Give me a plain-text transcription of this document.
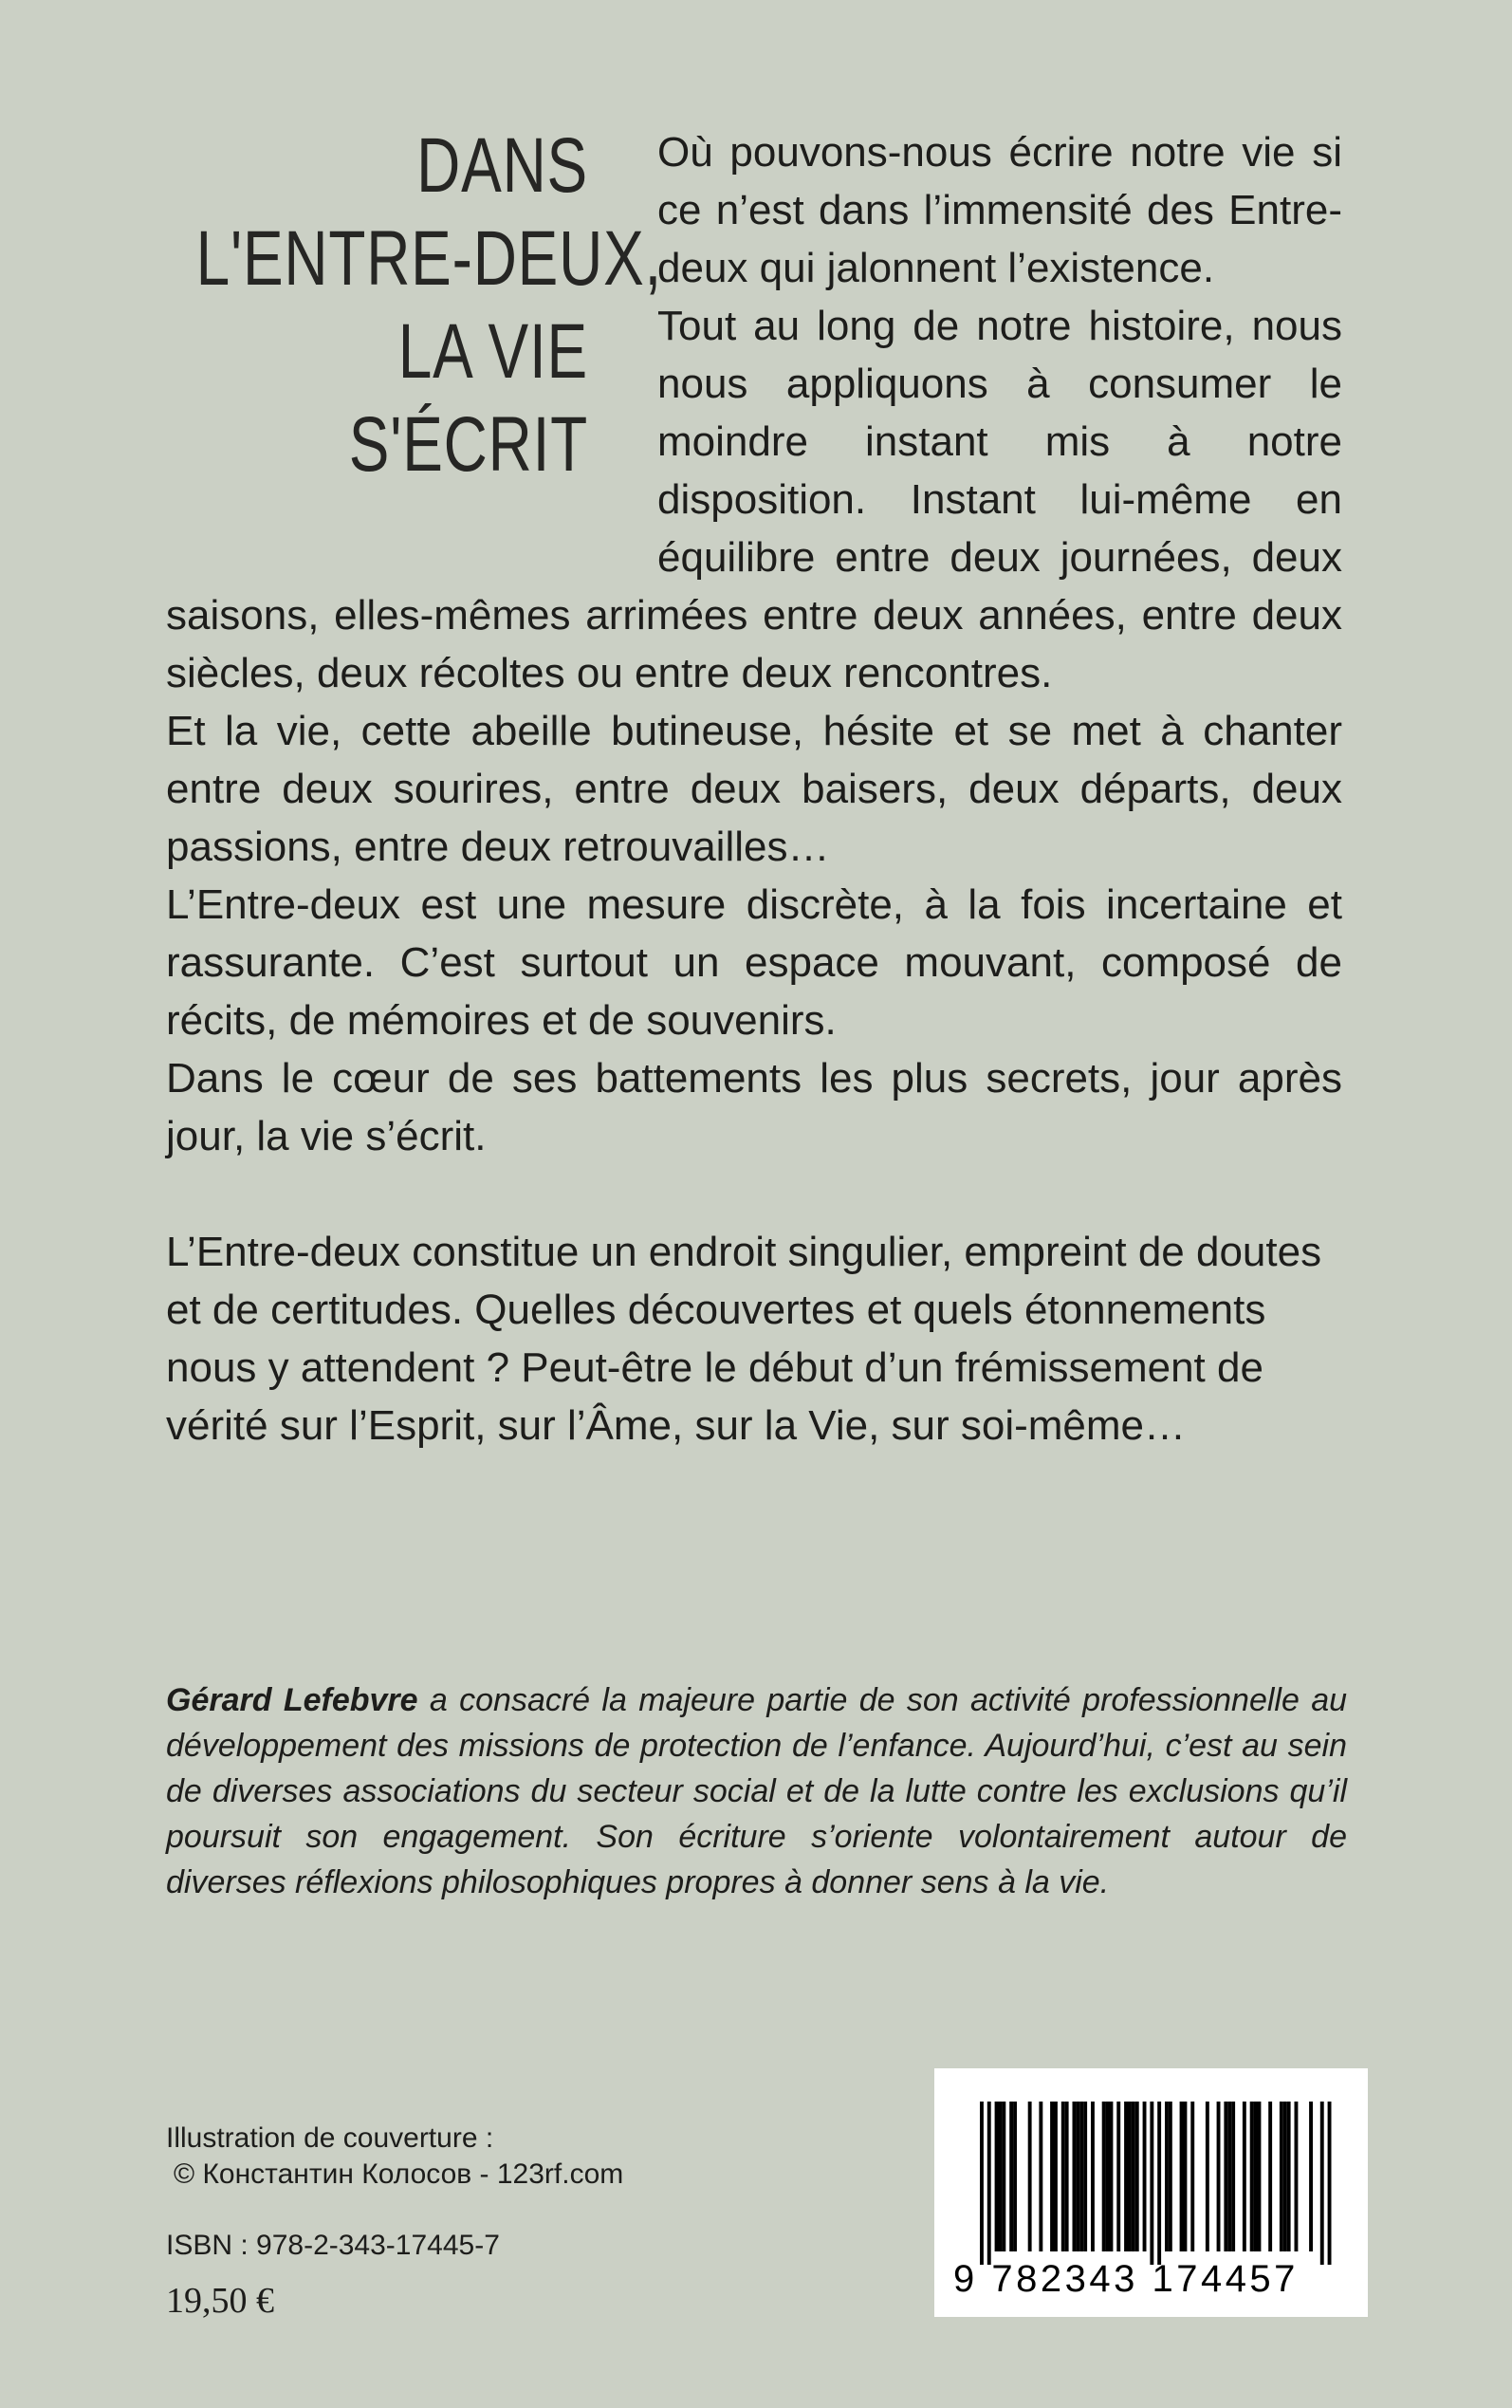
DANS
L'ENTRE-DEUX,
LA VIE
S'ÉCRIT

Où pouvons-nous écrire notre vie si ce n’est dans l’immensité des Entre-deux qui jalonnent l’existence.

Tout au long de notre histoire, nous nous appliquons à consumer le moindre instant mis à notre disposition. Instant lui-même en équilibre entre deux journées, deux saisons, elles-mêmes arrimées entre deux années, entre deux siècles, deux récoltes ou entre deux rencontres.

Et la vie, cette abeille butineuse, hésite et se met à chanter entre deux sourires, entre deux baisers, deux départs, deux passions, entre deux retrouvailles…

L’Entre-deux est une mesure discrète, à la fois incertaine et rassurante. C’est surtout un espace mouvant, composé de récits, de mémoires et de souvenirs.

Dans le cœur de ses battements les plus secrets, jour après jour, la vie s’écrit.

L’Entre-deux constitue un endroit singulier, empreint de doutes et de certitudes. Quelles découvertes et quels étonnements nous y attendent ? Peut-être le début d’un frémissement de vérité sur l’Esprit, sur l’Âme, sur la Vie, sur soi-même…

Gérard Lefebvre a consacré la majeure partie de son activité professionnelle au développement des missions de protection de l’enfance. Aujourd’hui, c’est au sein de diverses associations du secteur social et de la lutte contre les exclusions qu’il poursuit son engagement. Son écriture s’oriente volontairement autour de diverses réflexions philosophiques propres à donner sens à la vie.

Illustration de couverture :
© Константин Колосов - 123rf.com
ISBN : 978-2-343-17445-7
19,50 €
9 782343 174457
